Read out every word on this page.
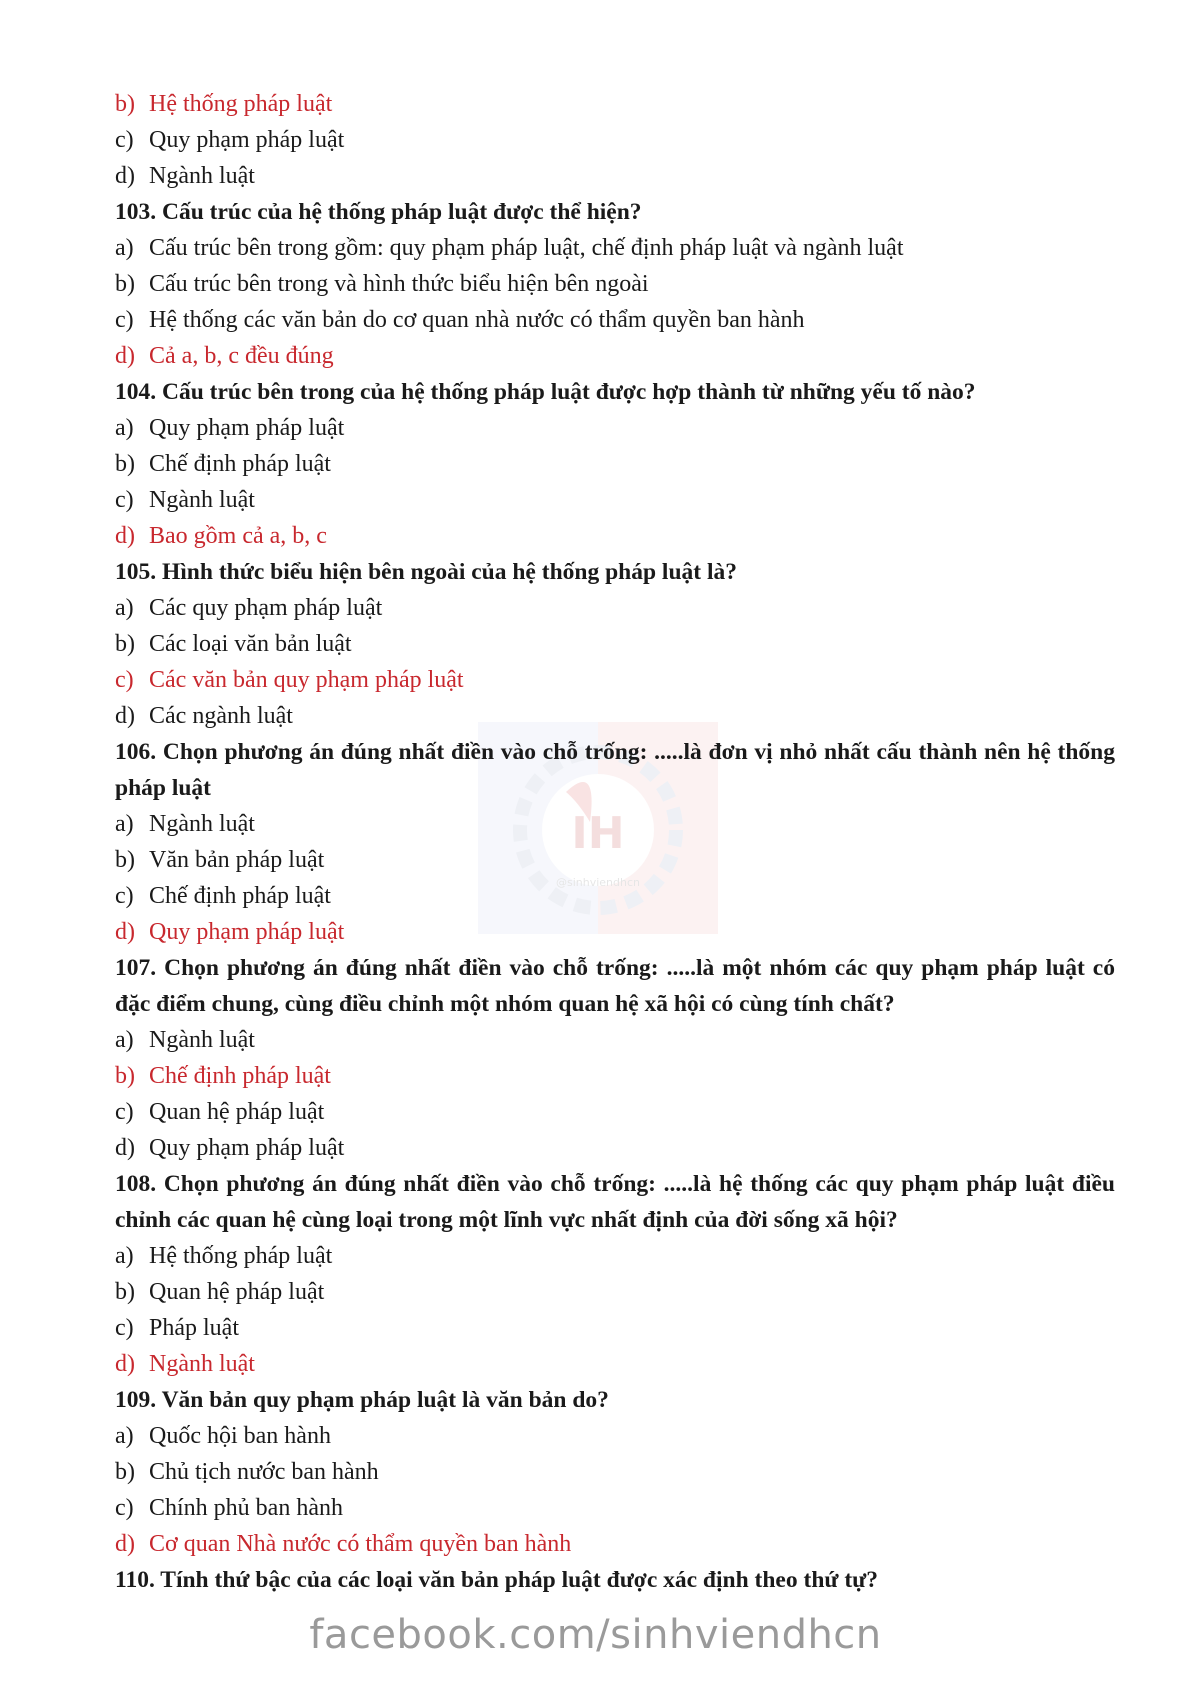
IH
@sinhviendhcn
b) Hệ thống pháp luật
c) Quy phạm pháp luật
d) Ngành luật
103. Cấu trúc của hệ thống pháp luật được thể hiện?
a) Cấu trúc bên trong gồm: quy phạm pháp luật, chế định pháp luật và ngành luật
b) Cấu trúc bên trong và hình thức biểu hiện bên ngoài
c) Hệ thống các văn bản do cơ quan nhà nước có thẩm quyền ban hành
d) Cả a, b, c đều đúng
104. Cấu trúc bên trong của hệ thống pháp luật được hợp thành từ những yếu tố nào?
a) Quy phạm pháp luật
b) Chế định pháp luật
c) Ngành luật
d) Bao gồm cả a, b, c
105. Hình thức biểu hiện bên ngoài của hệ thống pháp luật là?
a) Các quy phạm pháp luật
b) Các loại văn bản luật
c) Các văn bản quy phạm pháp luật
d) Các ngành luật
106. Chọn phương án đúng nhất điền vào chỗ trống: .....là đơn vị nhỏ nhất cấu thành nên hệ thống pháp luật
a) Ngành luật
b) Văn bản pháp luật
c) Chế định pháp luật
d) Quy phạm pháp luật
107. Chọn phương án đúng nhất điền vào chỗ trống: .....là một nhóm các quy phạm pháp luật có đặc điểm chung, cùng điều chỉnh một nhóm quan hệ xã hội có cùng tính chất?
a) Ngành luật
b) Chế định pháp luật
c) Quan hệ pháp luật
d) Quy phạm pháp luật
108. Chọn phương án đúng nhất điền vào chỗ trống: .....là hệ thống các quy phạm pháp luật điều chỉnh các quan hệ cùng loại trong một lĩnh vực nhất định của đời sống xã hội?
a) Hệ thống pháp luật
b) Quan hệ pháp luật
c) Pháp luật
d) Ngành luật
109. Văn bản quy phạm pháp luật là văn bản do?
a) Quốc hội ban hành
b) Chủ tịch nước ban hành
c) Chính phủ ban hành
d) Cơ quan Nhà nước có thẩm quyền ban hành
110. Tính thứ bậc của các loại văn bản pháp luật được xác định theo thứ tự?
facebook.com/sinhviendhcn
